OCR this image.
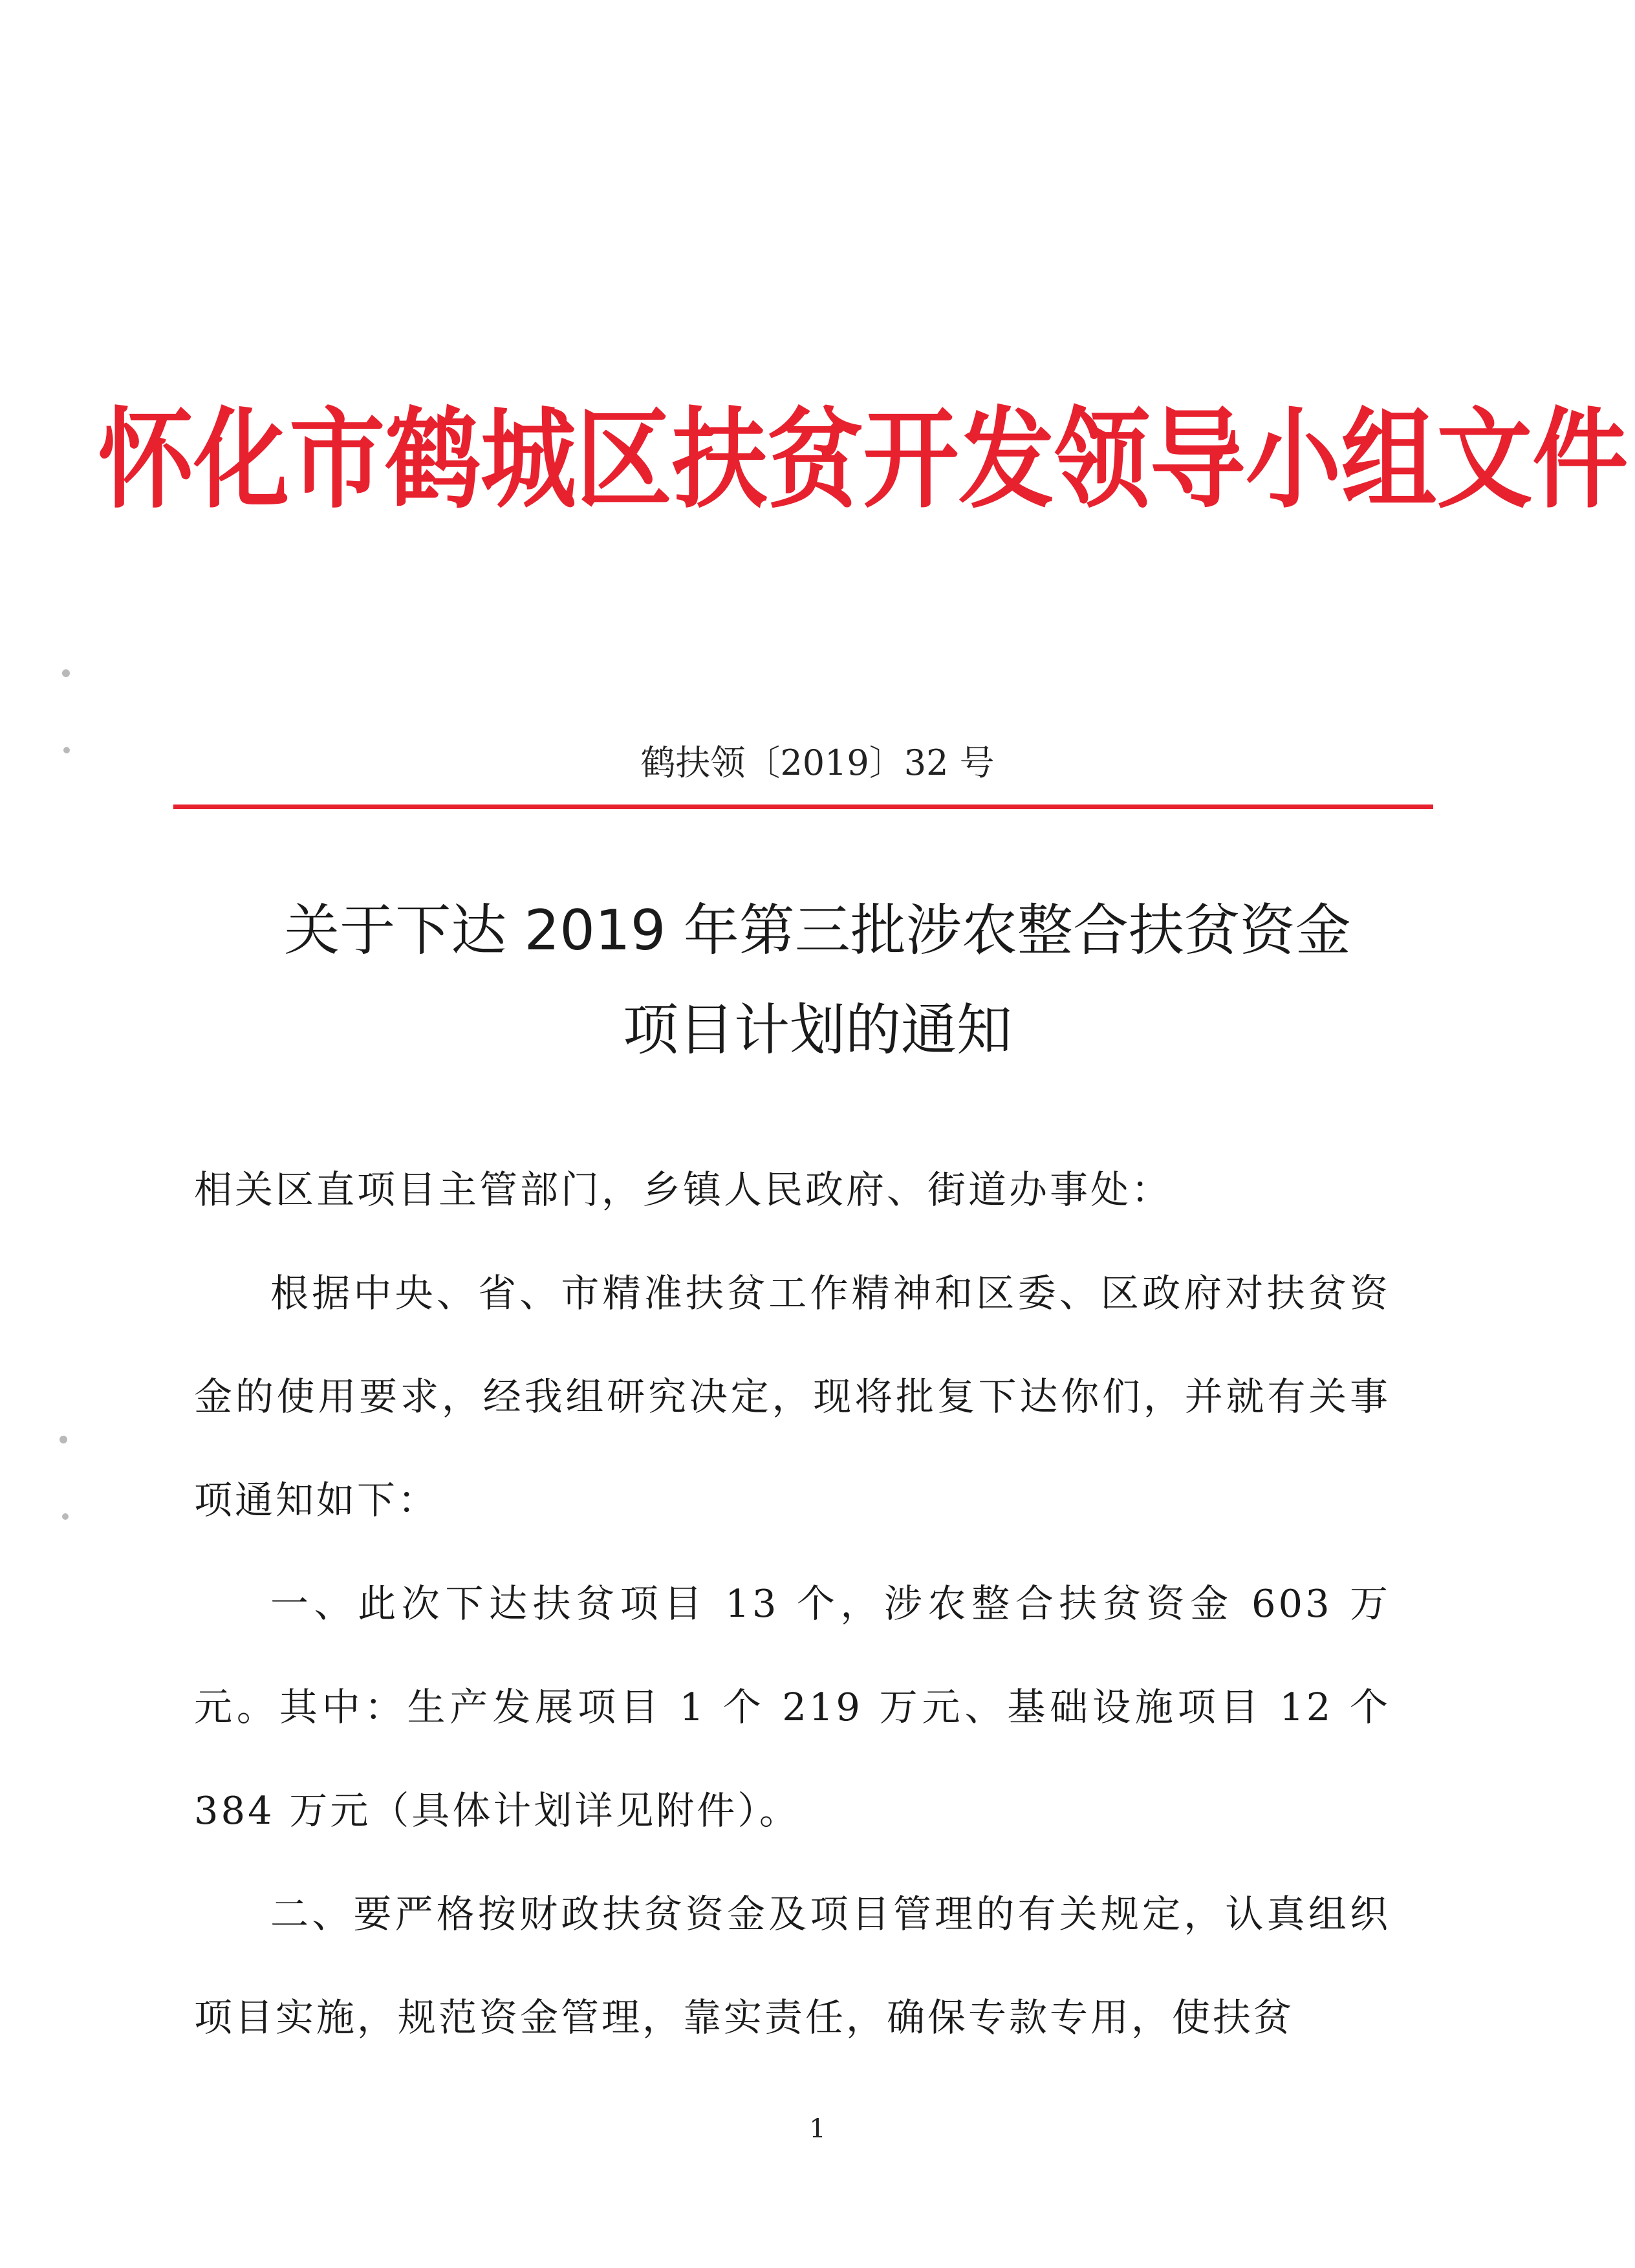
怀化市鹤城区扶贫开发领导小组文件
鹤扶领〔2019〕32 号
关于下达 2019 年第三批涉农整合扶贫资金
项目计划的通知
相关区直项目主管部门，乡镇人民政府、街道办事处：

根据中央、省、市精准扶贫工作精神和区委、区政府对扶贫资金的使用要求，经我组研究决定，现将批复下达你们，并就有关事项通知如下：

一、此次下达扶贫项目 13 个，涉农整合扶贫资金 603 万元。其中：生产发展项目 1 个 219 万元、基础设施项目 12 个 384 万元（具体计划详见附件）。

二、要严格按财政扶贫资金及项目管理的有关规定，认真组织项目实施，规范资金管理，靠实责任，确保专款专用，使扶贫

1
